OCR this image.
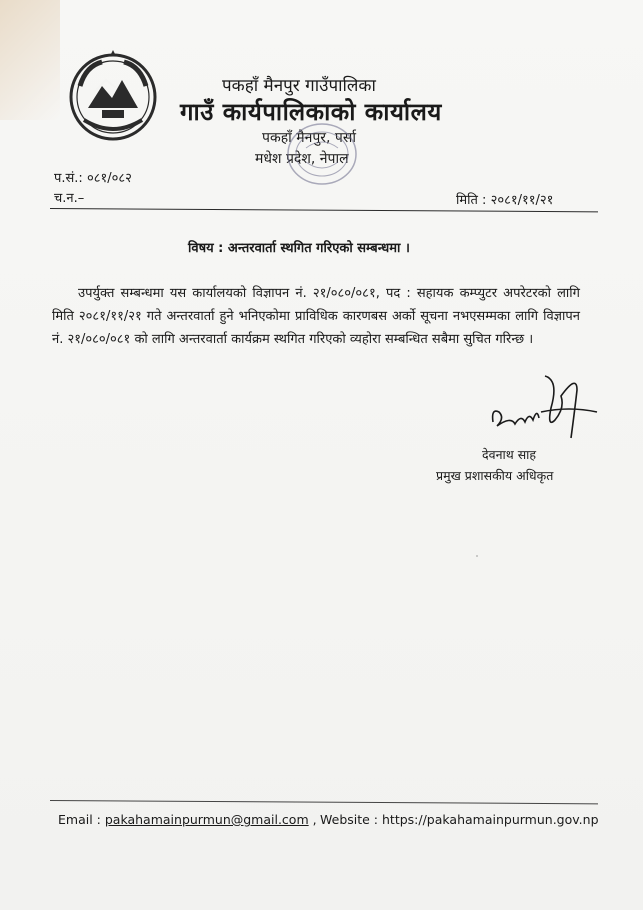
पकहाँ मैनपुर गाउँपालिका
गाउँ कार्यपालिकाको कार्यालय
पकहाँ मैनपुर, पर्सा
मधेश प्रदेश, नेपाल
प.सं.: ०८१/०८२
च.न.–	मिति : २०८१/११/२१
विषय : अन्तरवार्ता स्थगित गरिएको सम्बन्धमा ।
उपर्युक्त सम्बन्धमा यस कार्यालयको विज्ञापन नं. २१/०८०/०८१, पद : सहायक कम्प्युटर अपरेटरको लागि मिति २०८१/११/२१ गते अन्तरवार्ता हुने भनिएकोमा प्राविधिक कारणबस अर्को सूचना नभएसम्मका लागि विज्ञापन नं. २१/०८०/०८१ को लागि अन्तरवार्ता कार्यक्रम स्थगित गरिएको व्यहोरा सम्बन्धित सबैमा सुचित गरिन्छ ।
देवनाथ साह
प्रमुख प्रशासकीय अधिकृत
Email : pakahamainpurmun@gmail.com , Website : https://pakahamainpurmun.gov.np
